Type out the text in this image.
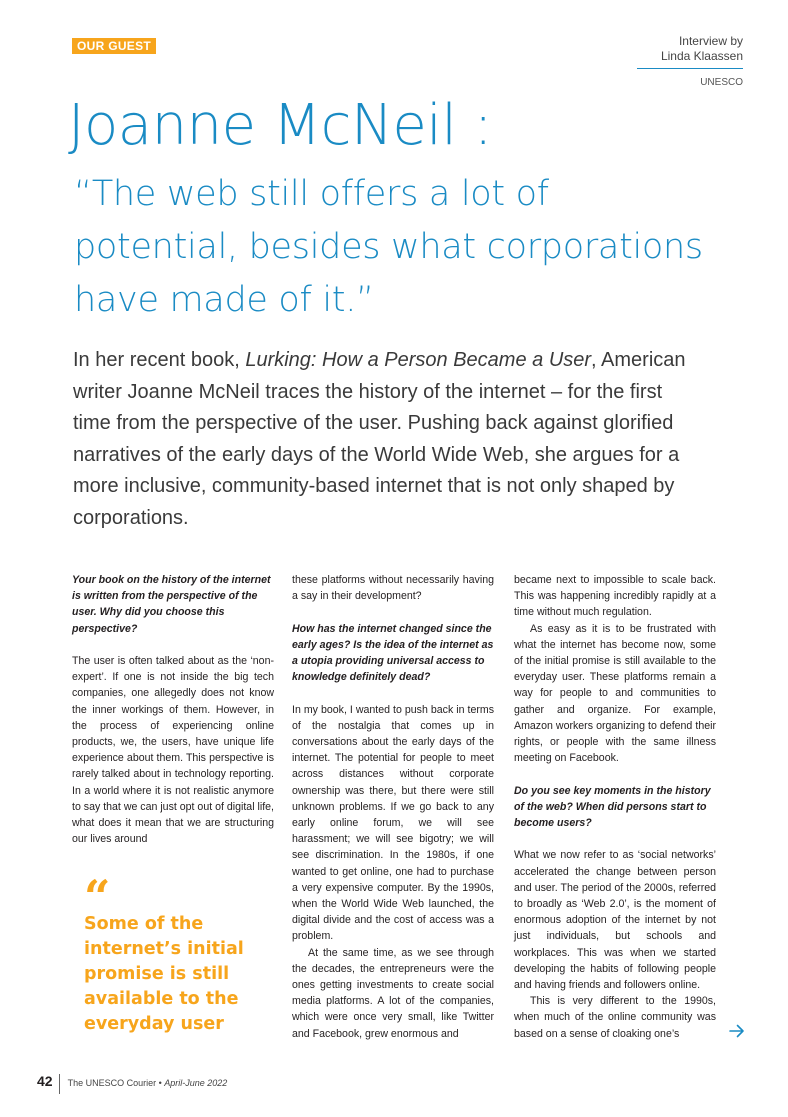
OUR GUEST	Interview by
Linda Klaassen
UNESCO
Joanne McNeil :
“The web still offers a lot of potential, besides what corporations have made of it.”
In her recent book, Lurking: How a Person Became a User, American writer Joanne McNeil traces the history of the internet – for the first time from the perspective of the user. Pushing back against glorified narratives of the early days of the World Wide Web, she argues for a more inclusive, community-based internet that is not only shaped by corporations.

Your book on the history of the internet is written from the perspective of the user. Why did you choose this perspective?

The user is often talked about as the ‘non-expert’. If one is not inside the big tech companies, one allegedly does not know the inner workings of them. However, in the process of experiencing online products, we, the users, have unique life experience about them. This perspective is rarely talked about in technology reporting. In a world where it is not realistic anymore to say that we can just opt out of digital life, what does it mean that we are structuring our lives around

these platforms without necessarily having a say in their development?

How has the internet changed since the early ages? Is the idea of the internet as a utopia providing universal access to knowledge definitely dead?

In my book, I wanted to push back in terms of the nostalgia that comes up in conversations about the early days of the internet. The potential for people to meet across distances without corporate ownership was there, but there were still unknown problems. If we go back to any early online forum, we will see harassment; we will see bigotry; we will see discrimination. In the 1980s, if one wanted to get online, one had to purchase a very expensive computer. By the 1990s, when the World Wide Web launched, the digital divide and the cost of access was a problem.

At the same time, as we see through the decades, the entrepreneurs were the ones getting investments to create social media platforms. A lot of the companies, which were once very small, like Twitter and Facebook, grew enormous and

became next to impossible to scale back. This was happening incredibly rapidly at a time without much regulation.

As easy as it is to be frustrated with what the internet has become now, some of the initial promise is still available to the everyday user. These platforms remain a way for people to and communities to gather and organize. For example, Amazon workers organizing to defend their rights, or people with the same illness meeting on Facebook.

Do you see key moments in the history of the web? When did persons start to become users?

What we now refer to as ‘social networks’ accelerated the change between person and user. The period of the 2000s, referred to broadly as ‘Web 2.0’, is the moment of enormous adoption of the internet by not just individuals, but schools and workplaces. This was when we started developing the habits of following people and having friends and followers online.

This is very different to the 1990s, when much of the online community was based on a sense of cloaking one’s

“
Some of the internet’s initial promise is still available to the everyday user
42 The UNESCO Courier • April-June 2022
